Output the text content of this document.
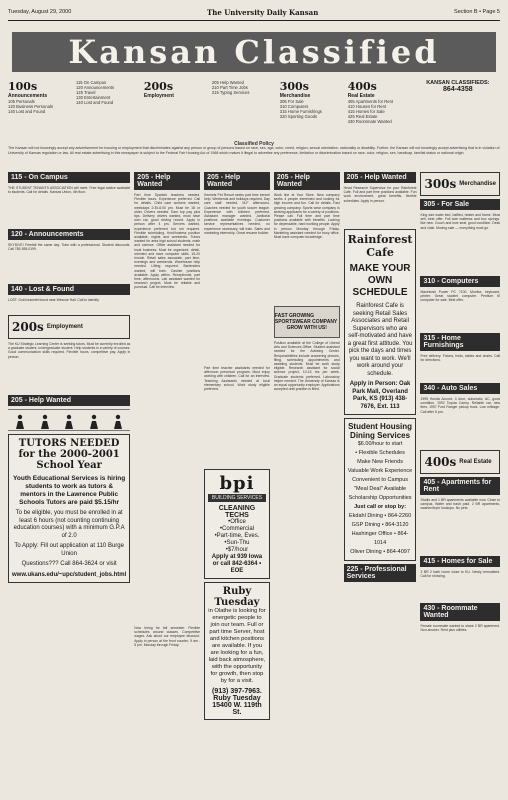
Tuesday, August 29, 2000	The University Daily Kansan	Section B • Page 5
Kansan Classified
100s
Announcements
105 Personals
120 Business Personals
140 Lost and Found
115 On Campus
120 Announcements
125 Travel
130 Entertainment
140 Lost and Found
200s
Employment
205 Help Wanted
210 Part Time Jobs
215 Typing Services	300s
Merchandise
305 For Sale
310 Computers
315 Home Furnishings
320 Sporting Goods
400s
Real Estate
405 Apartments for Rent
410 Houses for Rent
415 Homes for Sale
425 Real Estate
430 Roommate Wanted
KANSAN CLASSIFIEDS:
864-4358
Classified Policy
The Kansan will not knowingly accept any advertisement for housing or employment that discriminates against any person or group of persons based on race, sex, age, color, creed, religion, sexual orientation, nationality or disability. Further, the Kansan will not knowingly accept advertising that is in violation of University of Kansas regulation or law. All real estate advertising in this newspaper is subject to the Federal Fair Housing Act of 1968 which makes it illegal to advertise any preference, limitation or discrimination based on race, color, religion, sex, handicap, familial status or national origin.
115 - On Campus
THE STUDENT TENANTS ASSOCIATION will meet. Free legal advice available to students. Call for details. Kansas Union, 4th floor.
120 - Announcements
SKYDIVE! Freefall the same day. Train with a professional. Student discounts. Call 785-555-0199.
140 - Lost & Found
LOST: Gold bracelet found near Wescoe Hall. Call to identify.
200s Employment
The KU Strategic Learning Center is seeking tutors. Must be currently enrolled as a graduate student, undergraduate student. Help students in a variety of courses. Good communication skills required. Flexible hours, competitive pay. Apply in person.
205 - Help Wanted
TUTORS NEEDED for the 2000-2001 School Year
Youth Educational Services is hiring students to work as tutors & mentors in the Lawrence Public Schools Tutors are paid $5.15/hr
To be eligible, you must be enrolled in at least 6 hours (not counting continuing education courses) with a minimum G.P.A of 2.0
To Apply: Fill out application at 110 Burge Union
Questions??? Call 864-3624 or visit
www.ukans.edu/~upc/student_jobs.html
205 - Help Wanted
Part time Spanish teachers needed. Flexible hours. Experience preferred. Call for details. Child care workers wanted, weekdays 2:30-6:00 pm. Must be 18 or older. Drivers needed. Earn top pay plus tips. Delivery drivers wanted, must have own car, good driving record. Apply in person after 4 pm. Servers wanted, experience preferred but not required. Flexible scheduling. Host/hostess position available, nights and weekends. Tutors wanted for area high school students, math and science. Office assistant needed for local business. Must be organized, detail-oriented and have computer skills. 15-20 hrs/wk. Retail sales associate, part time, evenings and weekends. Warehouse help needed. Lifting required. Bartenders wanted, will train. Cashier positions available. Apply within. Receptionist, part time, afternoons. Lab assistant wanted for research project. Must be reliable and punctual. Call for interview.
Now hiring for fall semester. Flexible schedules around classes. Competitive wages. Ask about our employee discount. Apply in person at the front counter, 9 am - 5 pm, Monday through Friday.
205 - Help Wanted
Kennels Pet Resort seeks part time kennel help. Weekends and holidays required. Day care staff needed, M-F afternoons. Coaches needed for youth soccer league. Experience with children preferred. Assistant manager wanted. Janitorial positions available evenings. Customer service representatives needed, no experience necessary, will train. Sales and marketing internship. Great resume builder.
Part time teacher assistants needed for afternoon preschool program. Must enjoy working with children. Call for an interview. Teaching Assistants needed at local elementary school. Work study eligible preferred.
bpi
BUILDING SERVICES
CLEANING TECHS
•Office
•Commercial
•Part-time, Eves.
•Sun-Thu
•$7/hour
Apply at 939 Iowa or call 842-6364 • EOE
Ruby Tuesday
in Olathe is looking for energetic people to join our team. Full or part time Server, host and kitchen positions are available. If you are looking for a fun, laid back atmosphere, with the opportunity for growth, then stop by for a visit.
(913) 397-7963. Ruby Tuesday 15400 W. 119th St.
205 - Help Wanted
Work line at Your Store. New company seeks 4 people interested and looking for high income and fun. Call for details. Fast growing company. Sports wear company is seeking applicants for a variety of positions. Please call. Full time and part time positions available with benefits. Looking for dependable, hard working people. Apply in person Monday through Friday. Marketing assistant needed for busy office. Must have computer knowledge.
FAST GROWING SPORTSWEAR COMPANY
GROW WITH US!
Position available at the College of Liberal Arts and Sciences Office. Student assistant needed for the Advising Center. Responsibilities include answering phones, filing, scheduling appointments and assisting students. Must be work study eligible. Research assistant for social science project, 10-15 hrs per week. Graduate students preferred. Laboratory helper needed. The University of Kansas is an equal opportunity employer. Applications accepted until position is filled.
205 - Help Wanted
Head Research Supervisor for your Rainforest Cafe. Full and part time positions available. Fun work environment, great benefits, flexible schedules. Apply in person.
Rainforest Cafe
MAKE YOUR OWN SCHEDULE
Rainforest Cafe is seeking Retail Sales Associates and Retail Supervisors who are self-motivated and have a great first attitude. You pick the days and times you want to work. We'll work around your schedule.
Apply in Person: Oak Park Mall, Overland Park, KS (913) 438-7676, Ext. 113
Student Housing Dining Services
$6.00/hour to start
• Flexible Schedules
Make New Friends
Valuable Work Experience
Convenient to Campus
"Meal Deal" Available
Scholarship Opportunities
Just call or stop by:
Ekdahl Dining • 864-2260
GSP Dining • 864-3120
Hashinger Office • 864-1014
Oliver Dining • 864-4097
225 - Professional Services
300s Merchandise
305 - For Sale
King size water bed, baffled, heater and frame. Must sell, best offer. Full size mattress and box springs, like new. Couch and love seat, good condition. Desk and chair. Moving sale — everything must go.
310 - Computers
Macintosh Power PC 7100. Monitor, keyboard, printer. Great student computer. Pentium III computer for sale. Best offer.
315 - Home Furnishings
Free delivery. Futons, beds, tables and chairs. Call for directions.
340 - Auto Sales
1995 Honda Accord, 4 door, automatic, AC, good condition. 1992 Toyota Camry. Reliable car, new tires. 1997 Ford Ranger pickup truck. Low mileage. Call after 5 pm.
400s Real Estate
405 - Apartments for Rent
Studio and 1 BR apartments available now. Close to campus. Water and trash paid. 2 BR apartments, washer/dryer hookups. No pets.
415 - Homes for Sale
3 BR 2 bath home close to KU. Newly remodeled. Call for showing.
430 - Roommate Wanted
Female roommate wanted to share 2 BR apartment. Non-smoker. Rent plus utilities.
